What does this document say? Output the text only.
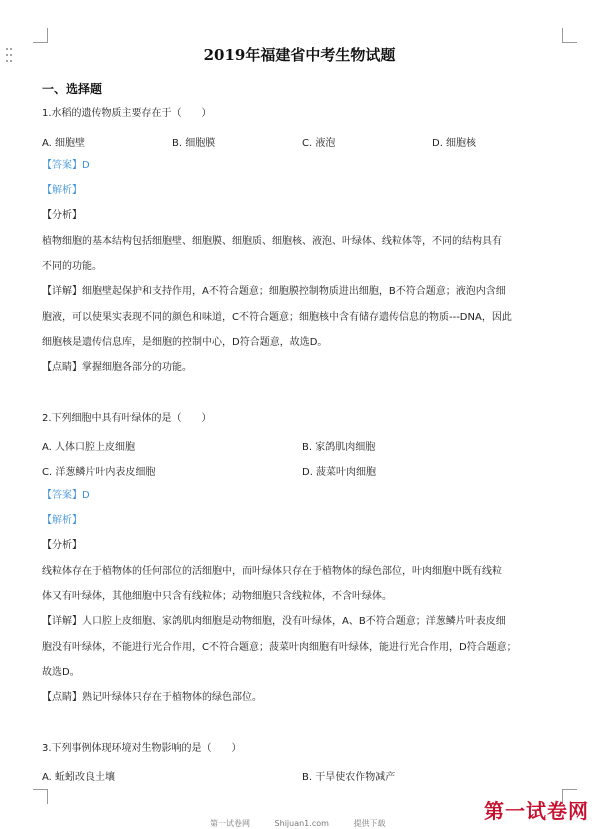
2019年福建省中考生物试题
一、选择题
1.水稻的遗传物质主要存在于（　　）
A. 细胞壁	B. 细胞膜	C. 液泡	D. 细胞核
【答案】D
【解析】
【分析】
植物细胞的基本结构包括细胞壁、细胞膜、细胞质、细胞核、液泡、叶绿体、线粒体等，不同的结构具有
不同的功能。
【详解】细胞壁起保护和支持作用，A不符合题意；细胞膜控制物质进出细胞，B不符合题意；液泡内含细
胞液，可以使果实表现不同的颜色和味道，C不符合题意；细胞核中含有储存遗传信息的物质---DNA，因此
细胞核是遗传信息库，是细胞的控制中心，D符合题意，故选D。
【点睛】掌握细胞各部分的功能。
2.下列细胞中具有叶绿体的是（　　）
A. 人体口腔上皮细胞	B. 家鸽肌肉细胞
C. 洋葱鳞片叶内表皮细胞	D. 菠菜叶肉细胞
【答案】D
【解析】
【分析】
线粒体存在于植物体的任何部位的活细胞中，而叶绿体只存在于植物体的绿色部位，叶肉细胞中既有线粒
体又有叶绿体，其他细胞中只含有线粒体；动物细胞只含线粒体，不含叶绿体。
【详解】人口腔上皮细胞、家鸽肌肉细胞是动物细胞，没有叶绿体，A、B不符合题意；洋葱鳞片叶表皮细
胞没有叶绿体，不能进行光合作用，C不符合题意；菠菜叶肉细胞有叶绿体，能进行光合作用，D符合题意；
故选D。
【点睛】熟记叶绿体只存在于植物体的绿色部位。
3.下列事例体现环境对生物影响的是（　　）
A. 蚯蚓改良土壤	B. 干旱使农作物减产
第一试卷网	Shijuan1.com	提供下载
第一试卷网
